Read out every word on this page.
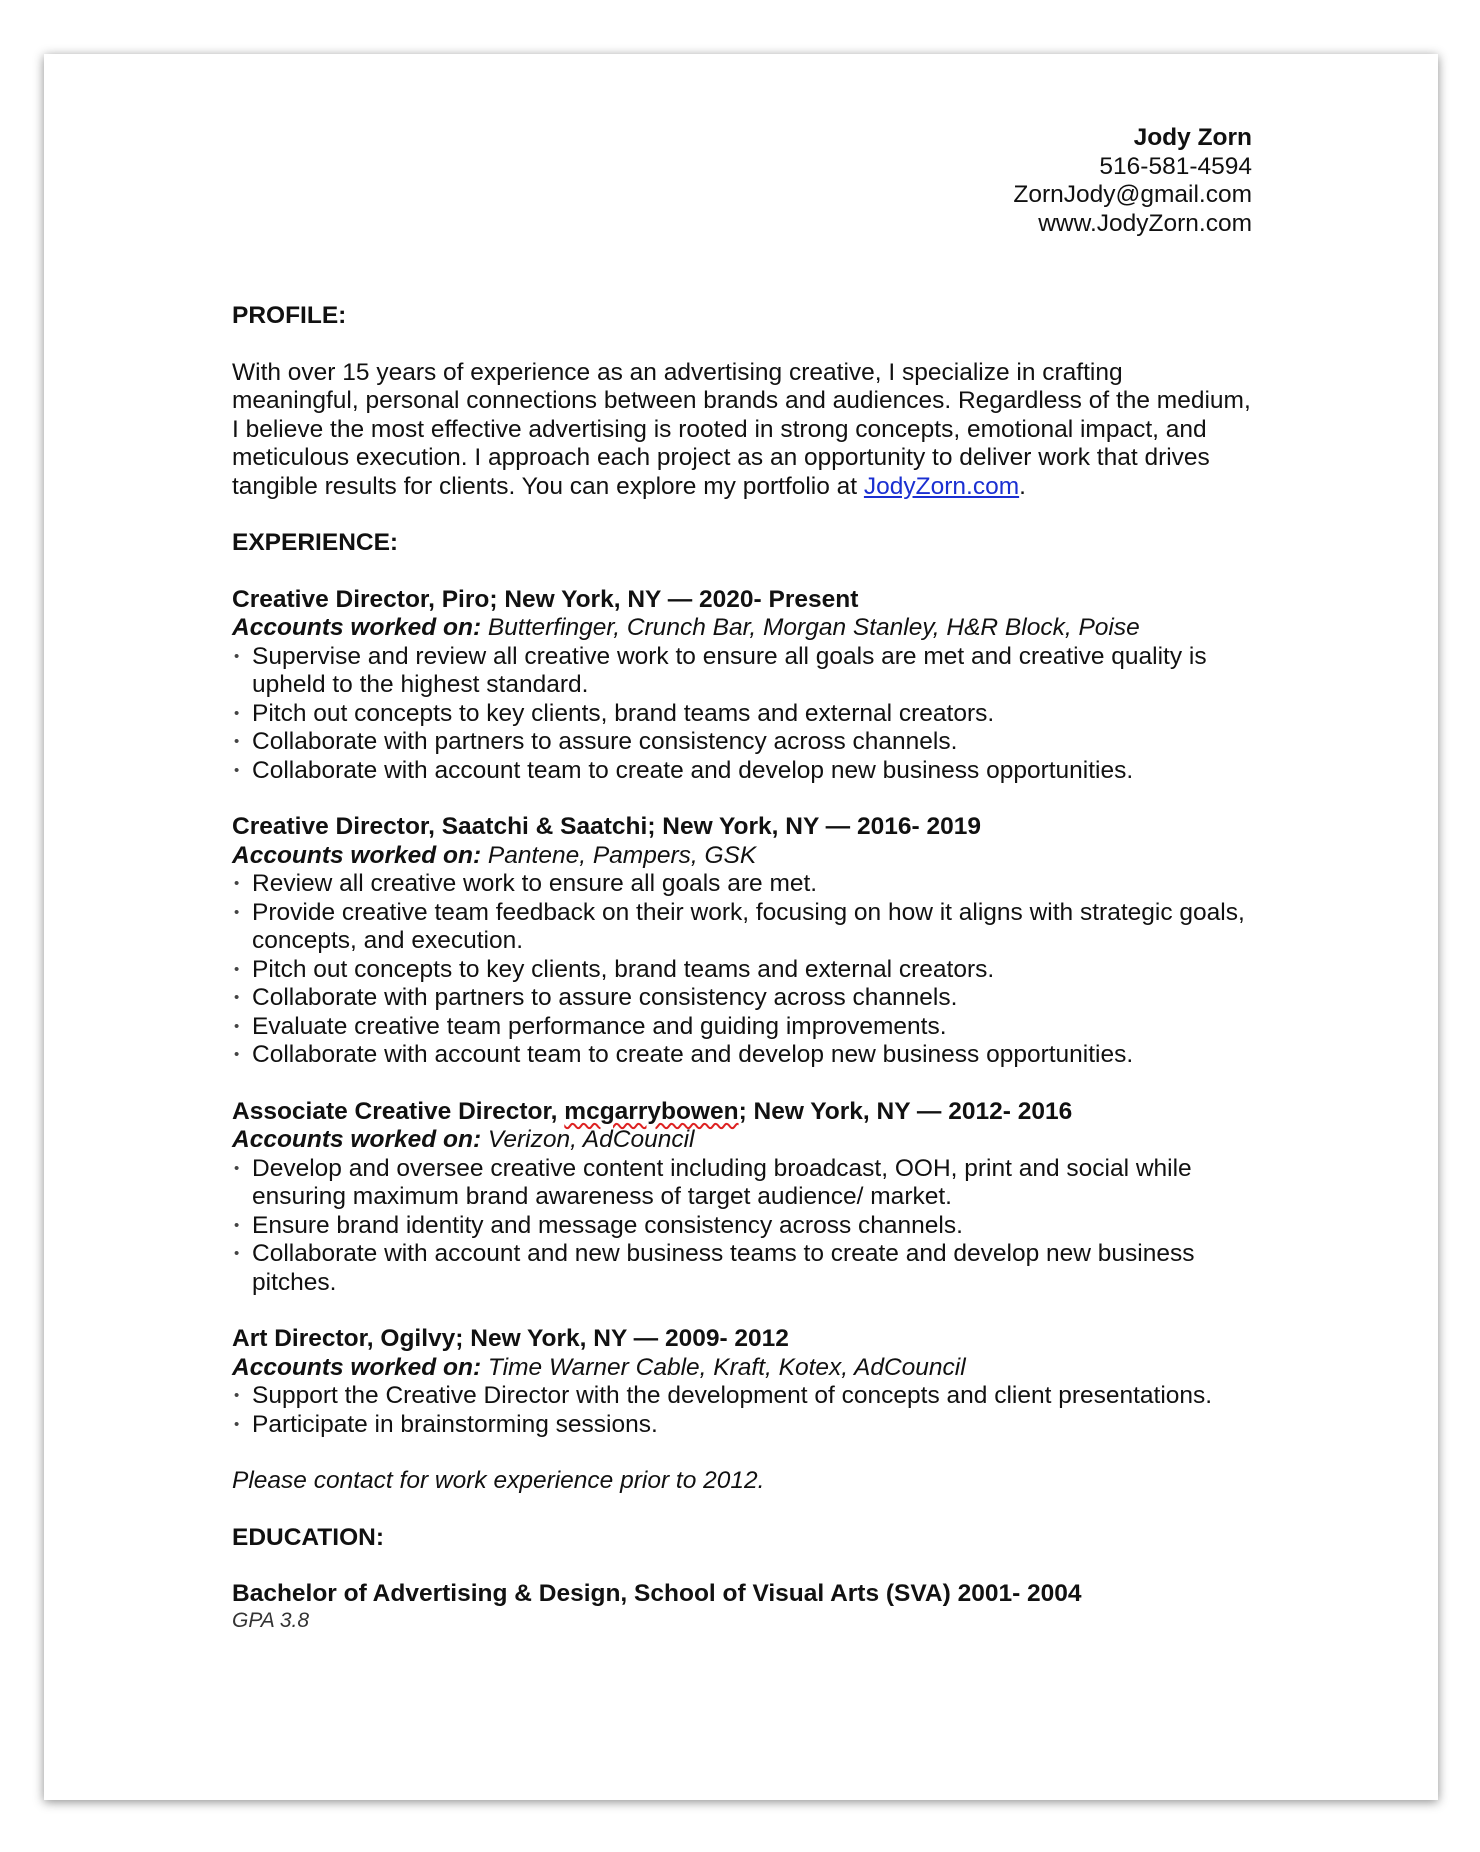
Jody Zorn
516-581-4594
ZornJody@gmail.com
www.JodyZorn.com
PROFILE:

With over 15 years of experience as an advertising creative, I specialize in crafting meaningful, personal connections between brands and audiences. Regardless of the medium, I believe the most effective advertising is rooted in strong concepts, emotional impact, and meticulous execution. I approach each project as an opportunity to deliver work that drives tangible results for clients. You can explore my portfolio at JodyZorn.com.

EXPERIENCE:
Creative Director, Piro; New York, NY — 2020- Present
Accounts worked on: Butterfinger, Crunch Bar, Morgan Stanley, H&R Block, Poise
• Supervise and review all creative work to ensure all goals are met and creative quality is upheld to the highest standard.
• Pitch out concepts to key clients, brand teams and external creators.
• Collaborate with partners to assure consistency across channels.
• Collaborate with account team to create and develop new business opportunities.
Creative Director, Saatchi & Saatchi; New York, NY — 2016- 2019
Accounts worked on: Pantene, Pampers, GSK
• Review all creative work to ensure all goals are met.
• Provide creative team feedback on their work, focusing on how it aligns with strategic goals, concepts, and execution.
• Pitch out concepts to key clients, brand teams and external creators.
• Collaborate with partners to assure consistency across channels.
• Evaluate creative team performance and guiding improvements.
• Collaborate with account team to create and develop new business opportunities.
Associate Creative Director, mcgarrybowen; New York, NY — 2012- 2016
Accounts worked on: Verizon, AdCouncil
• Develop and oversee creative content including broadcast, OOH, print and social while ensuring maximum brand awareness of target audience/ market.
• Ensure brand identity and message consistency across channels.
• Collaborate with account and new business teams to create and develop new business pitches.
Art Director, Ogilvy; New York, NY — 2009- 2012
Accounts worked on: Time Warner Cable, Kraft, Kotex, AdCouncil
• Support the Creative Director with the development of concepts and client presentations.
• Participate in brainstorming sessions.

Please contact for work experience prior to 2012.

EDUCATION:
Bachelor of Advertising & Design, School of Visual Arts (SVA) 2001- 2004
GPA 3.8
